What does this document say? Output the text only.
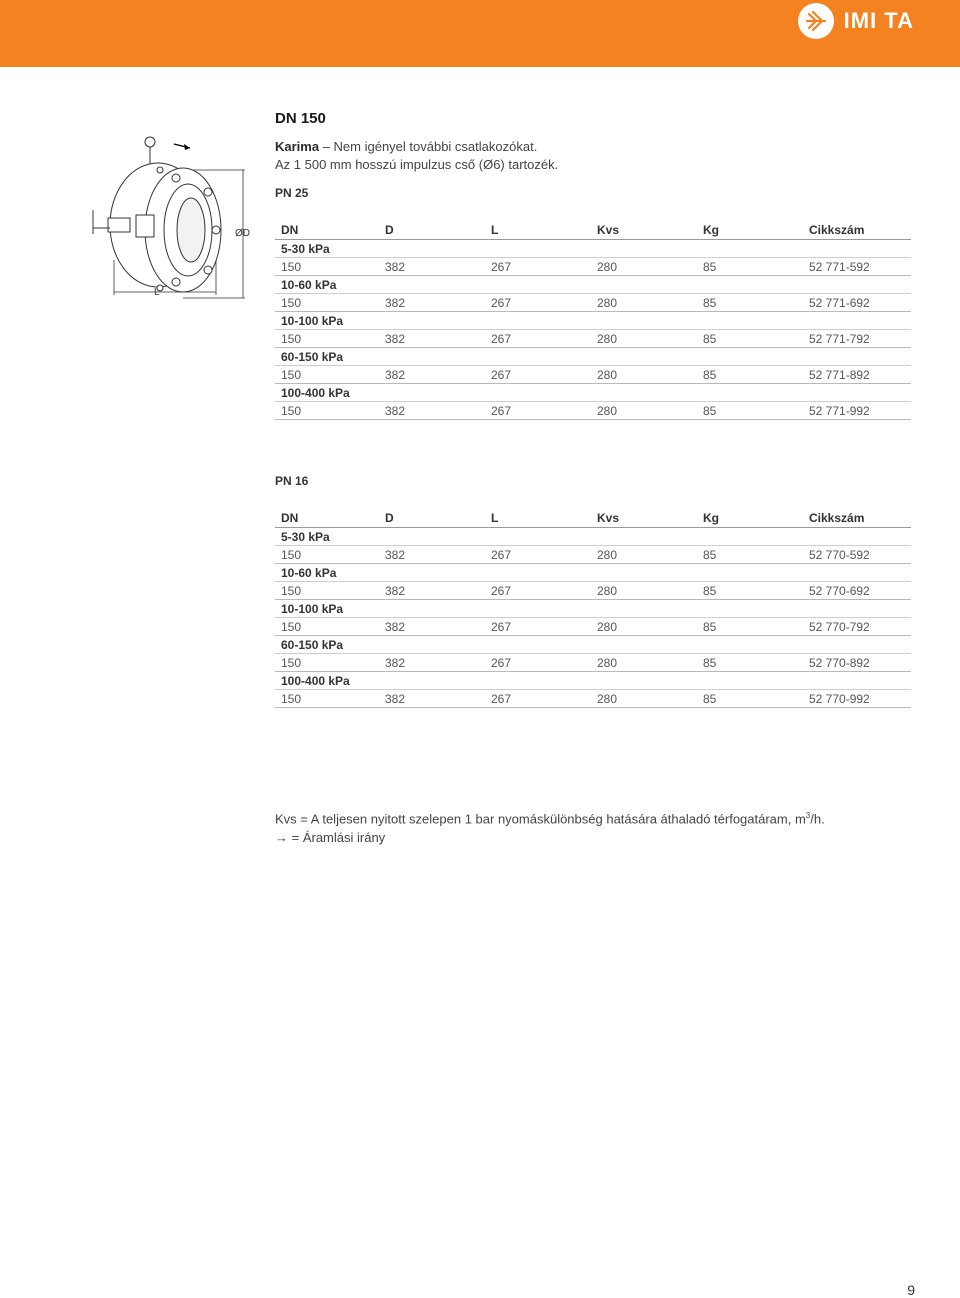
IMI TA
ØD
L
DN 150
Karima – Nem igényel további csatlakozókat.
Az 1 500 mm hosszú impulzus cső (Ø6) tartozék.
PN 25
DN	D	L	Kvs	Kg	Cikkszám
5-30 kPa					
150	382	267	280	85	52 771-592
10-60 kPa					
150	382	267	280	85	52 771-692
10-100 kPa					
150	382	267	280	85	52 771-792
60-150 kPa					
150	382	267	280	85	52 771-892
100-400 kPa					
150	382	267	280	85	52 771-992
PN 16
DN	D	L	Kvs	Kg	Cikkszám
5-30 kPa					
150	382	267	280	85	52 770-592
10-60 kPa					
150	382	267	280	85	52 770-692
10-100 kPa					
150	382	267	280	85	52 770-792
60-150 kPa					
150	382	267	280	85	52 770-892
100-400 kPa					
150	382	267	280	85	52 770-992
Kvs = A teljesen nyitott szelepen 1 bar nyomáskülönbség hatására áthaladó térfogatáram, $m^3/h$.
→ = Áramlási irány
9
